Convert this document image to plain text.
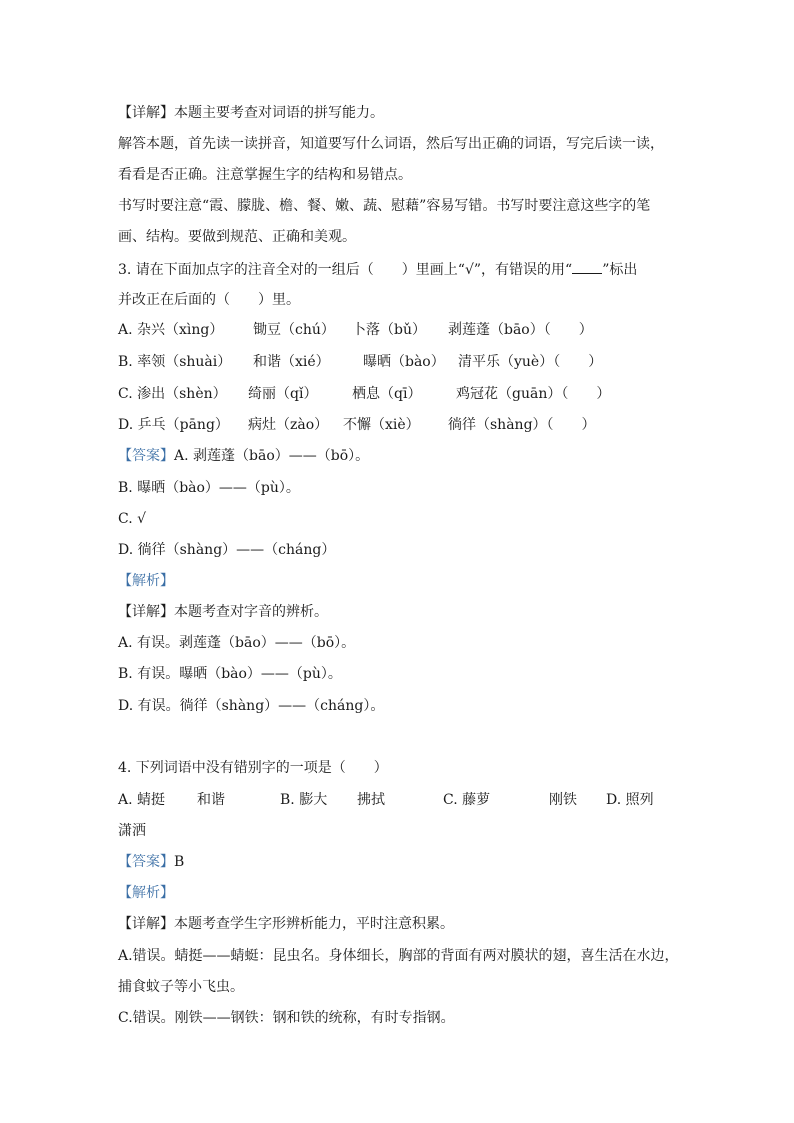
【详解】本题主要考查对词语的拼写能力。
解答本题，首先读一读拼音，知道要写什么词语，然后写出正确的词语，写完后读一读，
看看是否正确。注意掌握生字的结构和易错点。
书写时要注意“霞、朦胧、檐、餐、嫩、蔬、慰藉”容易写错。书写时要注意这些字的笔
画、结构。要做到规范、正确和美观。
3. 请在下面加点字的注音全对的一组后（　　）里画上“√”，有错误的用“ ”标出
并改正在后面的（　　）里。
A. 杂兴（xìng） 锄豆（chú） 卜落（bǔ） 剥莲蓬（bāo）（　　）
B. 率领（shuài） 和谐（xié） 曝晒（bào） 清平乐（yuè）（　　）
C. 渗出（shèn） 绮丽（qǐ） 栖息（qī） 鸡冠花（guān）（　　）
D. 乒乓（pāng） 病灶（zào） 不懈（xiè） 徜徉（shàng）（　　）
【答案】A. 剥莲蓬（bāo）——（bō）。
B. 曝晒（bào）——（pù）。
C. √
D. 徜徉（shàng）——（cháng）
【解析】
【详解】本题考查对字音的辨析。
A. 有误。剥莲蓬（bāo）——（bō）。
B. 有误。曝晒（bào）——（pù）。
D. 有误。徜徉（shàng）——（cháng）。
4. 下列词语中没有错别字的一项是（　　）
A. 蜻挺 和谐	B. 膨大 拂拭	C. 藤萝	刚铁 D. 照列
潇洒
【答案】B
【解析】
【详解】本题考查学生字形辨析能力，平时注意积累。
A.错误。蜻挺——蜻蜓：昆虫名。身体细长，胸部的背面有两对膜状的翅，喜生活在水边，
捕食蚊子等小飞虫。
C.错误。刚铁——钢铁：钢和铁的统称，有时专指钢。
